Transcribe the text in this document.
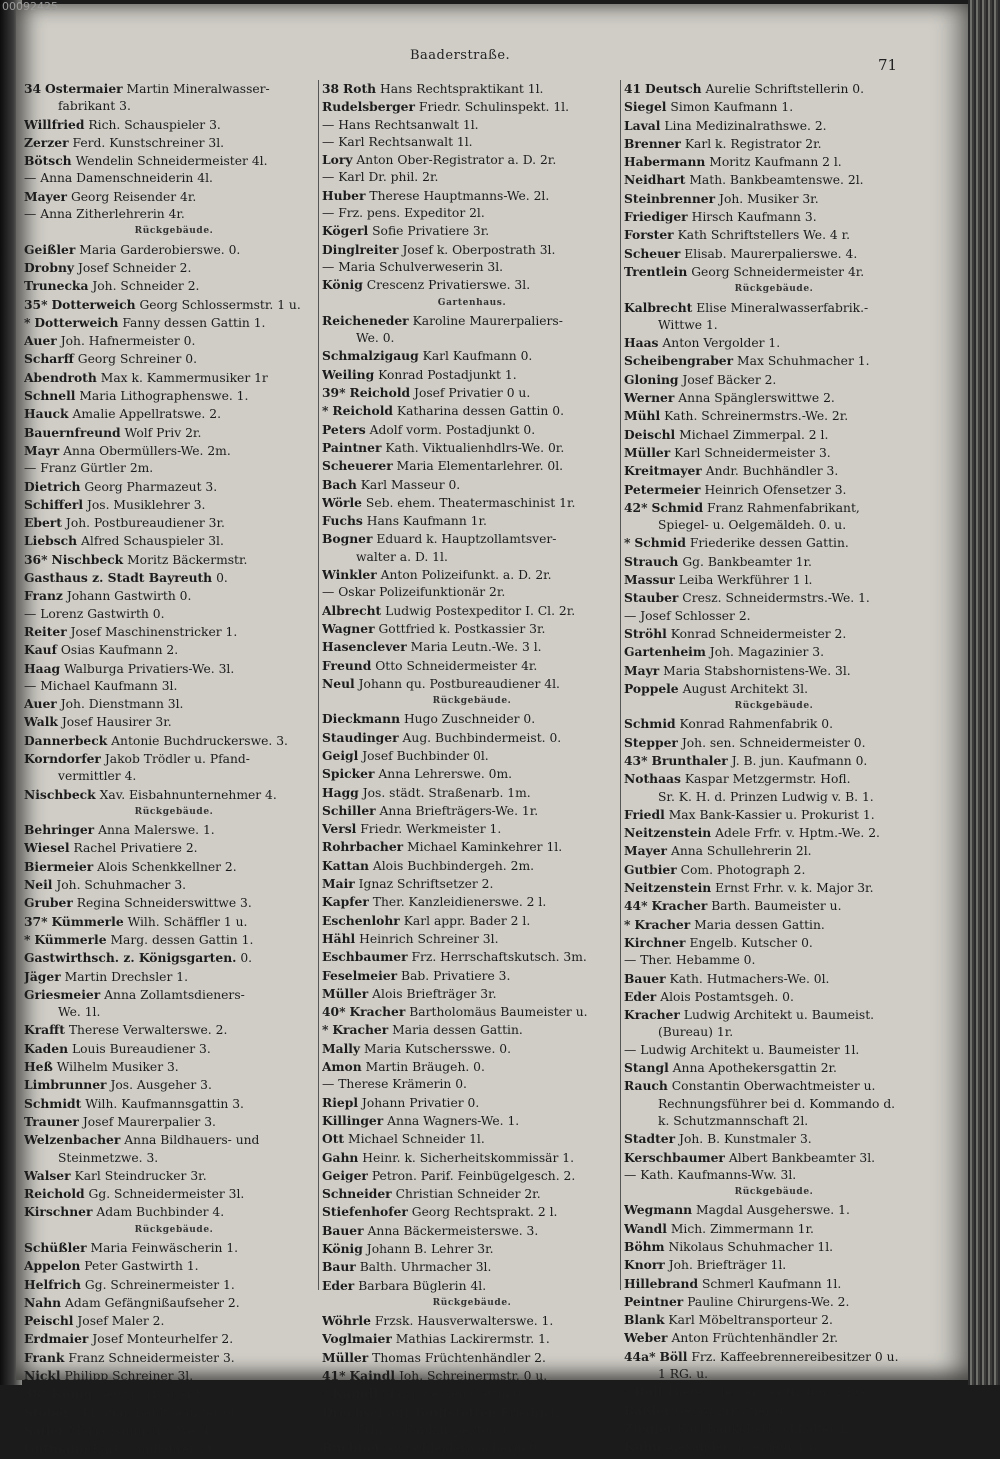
00092425
Baaderstraße.
71
34 Ostermaier Martin Mineralwasser-
fabrikant 3.
Willfried Rich. Schauspieler 3.
Zerzer Ferd. Kunstschreiner 3l.
Bötsch Wendelin Schneidermeister 4l.
— Anna Damenschneiderin 4l.
Mayer Georg Reisender 4r.
— Anna Zitherlehrerin 4r.
Rückgebäude.
Geißler Maria Garderobierswe. 0.
Drobny Josef Schneider 2.
Trunecka Joh. Schneider 2.
35* Dotterweich Georg Schlossermstr. 1 u.
* Dotterweich Fanny dessen Gattin 1.
Auer Joh. Hafnermeister 0.
Scharff Georg Schreiner 0.
Abendroth Max k. Kammermusiker 1r
Schnell Maria Lithographenswe. 1.
Hauck Amalie Appellratswe. 2.
Bauernfreund Wolf Priv 2r.
Mayr Anna Obermüllers-We. 2m.
— Franz Gürtler 2m.
Dietrich Georg Pharmazeut 3.
Schifferl Jos. Musiklehrer 3.
Ebert Joh. Postbureaudiener 3r.
Liebsch Alfred Schauspieler 3l.
36* Nischbeck Moritz Bäckermstr.
Gasthaus z. Stadt Bayreuth 0.
Franz Johann Gastwirth 0.
— Lorenz Gastwirth 0.
Reiter Josef Maschinenstricker 1.
Kauf Osias Kaufmann 2.
Haag Walburga Privatiers-We. 3l.
— Michael Kaufmann 3l.
Auer Joh. Dienstmann 3l.
Walk Josef Hausirer 3r.
Dannerbeck Antonie Buchdruckerswe. 3.
Korndorfer Jakob Trödler u. Pfand-
vermittler 4.
Nischbeck Xav. Eisbahnunternehmer 4.
Rückgebäude.
Behringer Anna Malerswe. 1.
Wiesel Rachel Privatiere 2.
Biermeier Alois Schenkkellner 2.
Neil Joh. Schuhmacher 3.
Gruber Regina Schneiderswittwe 3.
37* Kümmerle Wilh. Schäffler 1 u.
* Kümmerle Marg. dessen Gattin 1.
Gastwirthsch. z. Königsgarten. 0.
Jäger Martin Drechsler 1.
Griesmeier Anna Zollamtsdieners-
We. 1l.
Krafft Therese Verwalterswe. 2.
Kaden Louis Bureaudiener 3.
Heß Wilhelm Musiker 3.
Limbrunner Jos. Ausgeher 3.
Schmidt Wilh. Kaufmannsgattin 3.
Trauner Josef Maurerpalier 3.
Welzenbacher Anna Bildhauers- und
Steinmetzwe. 3.
Walser Karl Steindrucker 3r.
Reichold Gg. Schneidermeister 3l.
Kirschner Adam Buchbinder 4.
Rückgebäude.
Schüßler Maria Feinwäscherin 1.
Appelon Peter Gastwirth 1.
Helfrich Gg. Schreinermeister 1.
Nahn Adam Gefängnißaufseher 2.
Peischl Josef Maler 2.
Erdmaier Josef Monteurhelfer 2.
Frank Franz Schneidermeister 3.
Nickl Philipp Schreiner 3l.
38* König Georg Privatier 0.
Stöber Christian Bankbeamter 0l.
Sailer Maria Baumstrs.-We. 1.
Gutmann Karl Schullehrer 1l.
38 Roth Hans Rechtspraktikant 1l.
Rudelsberger Friedr. Schulinspekt. 1l.
— Hans Rechtsanwalt 1l.
— Karl Rechtsanwalt 1l.
Lory Anton Ober-Registrator a. D. 2r.
— Karl Dr. phil. 2r.
Huber Therese Hauptmanns-We. 2l.
— Frz. pens. Expeditor 2l.
Kögerl Sofie Privatiere 3r.
Dinglreiter Josef k. Oberpostrath 3l.
— Maria Schulverweserin 3l.
König Crescenz Privatierswe. 3l.
Gartenhaus.
Reicheneder Karoline Maurerpaliers-
We. 0.
Schmalzigaug Karl Kaufmann 0.
Weiling Konrad Postadjunkt 1.
39* Reichold Josef Privatier 0 u.
* Reichold Katharina dessen Gattin 0.
Peters Adolf vorm. Postadjunkt 0.
Paintner Kath. Viktualienhdlrs-We. 0r.
Scheuerer Maria Elementarlehrer. 0l.
Bach Karl Masseur 0.
Wörle Seb. ehem. Theatermaschinist 1r.
Fuchs Hans Kaufmann 1r.
Bogner Eduard k. Hauptzollamtsver-
walter a. D. 1l.
Winkler Anton Polizeifunkt. a. D. 2r.
— Oskar Polizeifunktionär 2r.
Albrecht Ludwig Postexpeditor I. Cl. 2r.
Wagner Gottfried k. Postkassier 3r.
Hasenclever Maria Leutn.-We. 3 l.
Freund Otto Schneidermeister 4r.
Neul Johann qu. Postbureaudiener 4l.
Rückgebäude.
Dieckmann Hugo Zuschneider 0.
Staudinger Aug. Buchbindermeist. 0.
Geigl Josef Buchbinder 0l.
Spicker Anna Lehrerswe. 0m.
Hagg Jos. städt. Straßenarb. 1m.
Schiller Anna Briefträgers-We. 1r.
Versl Friedr. Werkmeister 1.
Rohrbacher Michael Kaminkehrer 1l.
Kattan Alois Buchbindergeh. 2m.
Mair Ignaz Schriftsetzer 2.
Kapfer Ther. Kanzleidienerswe. 2 l.
Eschenlohr Karl appr. Bader 2 l.
Hähl Heinrich Schreiner 3l.
Eschbaumer Frz. Herrschaftskutsch. 3m.
Feselmeier Bab. Privatiere 3.
Müller Alois Briefträger 3r.
40* Kracher Bartholomäus Baumeister u.
* Kracher Maria dessen Gattin.
Mally Maria Kutschersswe. 0.
Amon Martin Bräugeh. 0.
— Therese Krämerin 0.
Riepl Johann Privatier 0.
Killinger Anna Wagners-We. 1.
Ott Michael Schneider 1l.
Gahn Heinr. k. Sicherheitskommissär 1.
Geiger Petron. Parif. Feinbügelgesch. 2.
Schneider Christian Schneider 2r.
Stiefenhofer Georg Rechtsprakt. 2 l.
Bauer Anna Bäckermeisterswe. 3.
König Johann B. Lehrer 3r.
Baur Balth. Uhrmacher 3l.
Eder Barbara Büglerin 4l.
Rückgebäude.
Wöhrle Frzsk. Hausverwalterswe. 1.
Voglmaier Mathias Lackirermstr. 1.
Müller Thomas Früchtenhändler 2.
41* Kaindl Joh. Schreinermstr. 0 u.
* Kaindl Marg. dessen Gattin 0.
Drechsel auf Teuffstetten Friedrich
Frhr. v. Bankinspektor 0.
Buchner Anna Kleidermacherin 0.
41 Deutsch Aurelie Schriftstellerin 0.
Siegel Simon Kaufmann 1.
Laval Lina Medizinalrathswe. 2.
Brenner Karl k. Registrator 2r.
Habermann Moritz Kaufmann 2 l.
Neidhart Math. Bankbeamtenswe. 2l.
Steinbrenner Joh. Musiker 3r.
Friediger Hirsch Kaufmann 3.
Forster Kath Schriftstellers We. 4 r.
Scheuer Elisab. Maurerpalierswe. 4.
Trentlein Georg Schneidermeister 4r.
Rückgebäude.
Kalbrecht Elise Mineralwasserfabrik.-
Wittwe 1.
Haas Anton Vergolder 1.
Scheibengraber Max Schuhmacher 1.
Gloning Josef Bäcker 2.
Werner Anna Spänglerswittwe 2.
Mühl Kath. Schreinermstrs.-We. 2r.
Deischl Michael Zimmerpal. 2 l.
Müller Karl Schneidermeister 3.
Kreitmayer Andr. Buchhändler 3.
Petermeier Heinrich Ofensetzer 3.
42* Schmid Franz Rahmenfabrikant,
Spiegel- u. Oelgemäldeh. 0. u.
* Schmid Friederike dessen Gattin.
Strauch Gg. Bankbeamter 1r.
Massur Leiba Werkführer 1 l.
Stauber Cresz. Schneidermstrs.-We. 1.
— Josef Schlosser 2.
Ströhl Konrad Schneidermeister 2.
Gartenheim Joh. Magazinier 3.
Mayr Maria Stabshornistens-We. 3l.
Poppele August Architekt 3l.
Rückgebäude.
Schmid Konrad Rahmenfabrik 0.
Stepper Joh. sen. Schneidermeister 0.
43* Brunthaler J. B. jun. Kaufmann 0.
Nothaas Kaspar Metzgermstr. Hofl.
Sr. K. H. d. Prinzen Ludwig v. B. 1.
Friedl Max Bank-Kassier u. Prokurist 1.
Neitzenstein Adele Frfr. v. Hptm.-We. 2.
Mayer Anna Schullehrerin 2l.
Gutbier Com. Photograph 2.
Neitzenstein Ernst Frhr. v. k. Major 3r.
44* Kracher Barth. Baumeister u.
* Kracher Maria dessen Gattin.
Kirchner Engelb. Kutscher 0.
— Ther. Hebamme 0.
Bauer Kath. Hutmachers-We. 0l.
Eder Alois Postamtsgeh. 0.
Kracher Ludwig Architekt u. Baumeist.
(Bureau) 1r.
— Ludwig Architekt u. Baumeister 1l.
Stangl Anna Apothekersgattin 2r.
Rauch Constantin Oberwachtmeister u.
Rechnungsführer bei d. Kommando d.
k. Schutzmannschaft 2l.
Stadter Joh. B. Kunstmaler 3.
Kerschbaumer Albert Bankbeamter 3l.
— Kath. Kaufmanns-Ww. 3l.
Rückgebäude.
Wegmann Magdal Ausgeherswe. 1.
Wandl Mich. Zimmermann 1r.
Böhm Nikolaus Schuhmacher 1l.
Knorr Joh. Briefträger 1l.
Hillebrand Schmerl Kaufmann 1l.
Peintner Pauline Chirurgens-We. 2.
Blank Karl Möbeltransporteur 2.
Weber Anton Früchtenhändler 2r.
44a* Böll Frz. Kaffeebrennereibesitzer 0 u.
1 RG. u.
* Böll Theres. dessen Gattin 0 u. 1 RG.
Baßler Georg Privatier 0.
Ziegler Karl Bankoberbuchhalter 1l.
Kuhn Alexander Ingenieur 1 r.
